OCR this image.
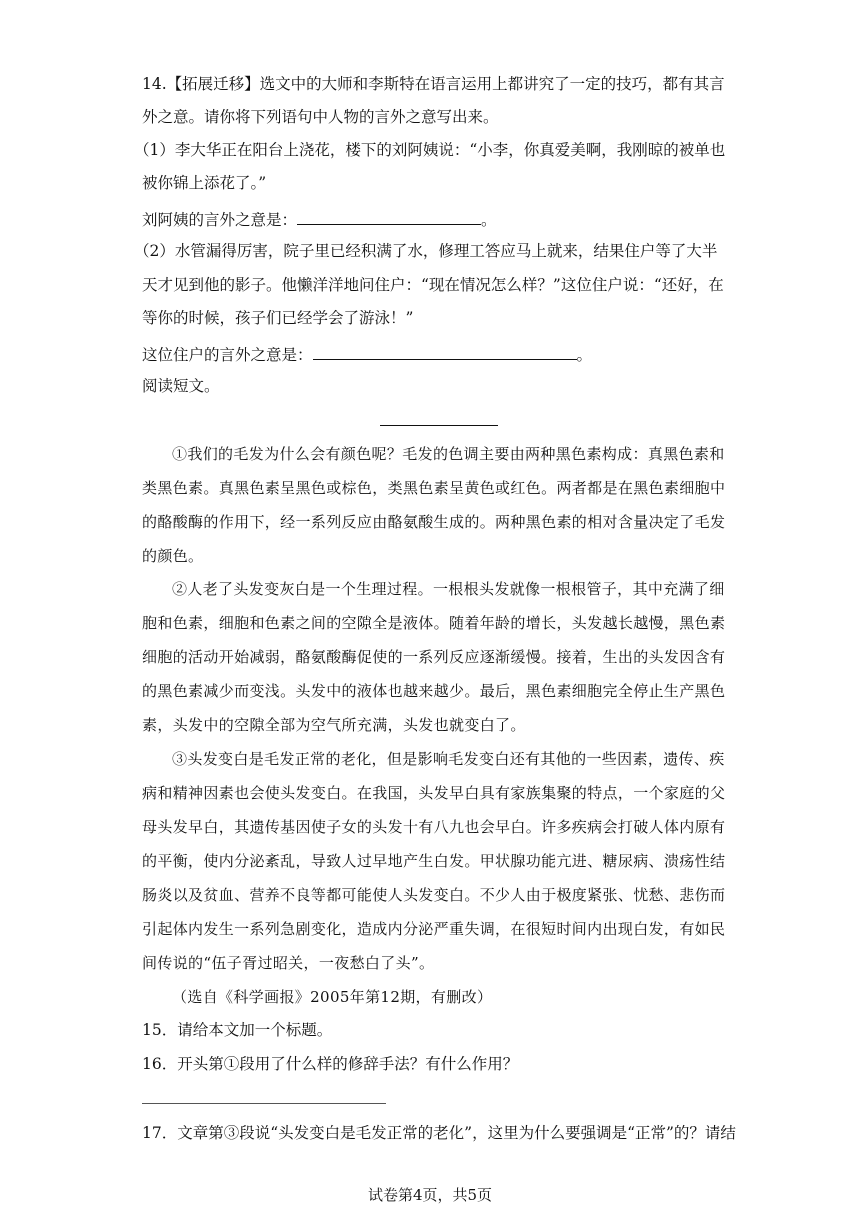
14.【拓展迁移】选文中的大师和李斯特在语言运用上都讲究了一定的技巧，都有其言
外之意。请你将下列语句中人物的言外之意写出来。
（1）李大华正在阳台上浇花，楼下的刘阿姨说：“小李，你真爱美啊，我刚晾的被单也
被你锦上添花了。”
刘阿姨的言外之意是：	。
（2）水管漏得厉害，院子里已经积满了水，修理工答应马上就来，结果住户等了大半
天才见到他的影子。他懒洋洋地问住户：“现在情况怎么样？”这位住户说：“还好，在
等你的时候，孩子们已经学会了游泳！”
这位住户的言外之意是：	。
阅读短文。
①我们的毛发为什么会有颜色呢？毛发的色调主要由两种黑色素构成：真黑色素和
类黑色素。真黑色素呈黑色或棕色，类黑色素呈黄色或红色。两者都是在黑色素细胞中
的酪酸酶的作用下，经一系列反应由酪氨酸生成的。两种黑色素的相对含量决定了毛发
的颜色。
②人老了头发变灰白是一个生理过程。一根根头发就像一根根管子，其中充满了细
胞和色素，细胞和色素之间的空隙全是液体。随着年龄的增长，头发越长越慢，黑色素
细胞的活动开始减弱，酪氨酸酶促使的一系列反应逐渐缓慢。接着，生出的头发因含有
的黑色素减少而变浅。头发中的液体也越来越少。最后，黑色素细胞完全停止生产黑色
素，头发中的空隙全部为空气所充满，头发也就变白了。
③头发变白是毛发正常的老化，但是影响毛发变白还有其他的一些因素，遗传、疾
病和精神因素也会使头发变白。在我国，头发早白具有家族集聚的特点，一个家庭的父
母头发早白，其遗传基因使子女的头发十有八九也会早白。许多疾病会打破人体内原有
的平衡，使内分泌紊乱，导致人过早地产生白发。甲状腺功能亢进、糖尿病、溃疡性结
肠炎以及贫血、营养不良等都可能使人头发变白。不少人由于极度紧张、忧愁、悲伤而
引起体内发生一系列急剧变化，造成内分泌严重失调，在很短时间内出现白发，有如民
间传说的“伍子胥过昭关，一夜愁白了头”。
（选自《科学画报》2005年第12期，有删改）
15．请给本文加一个标题。
16．开头第①段用了什么样的修辞手法？有什么作用？
17．文章第③段说“头发变白是毛发正常的老化”，这里为什么要强调是“正常”的？请结
试卷第4页，共5页
